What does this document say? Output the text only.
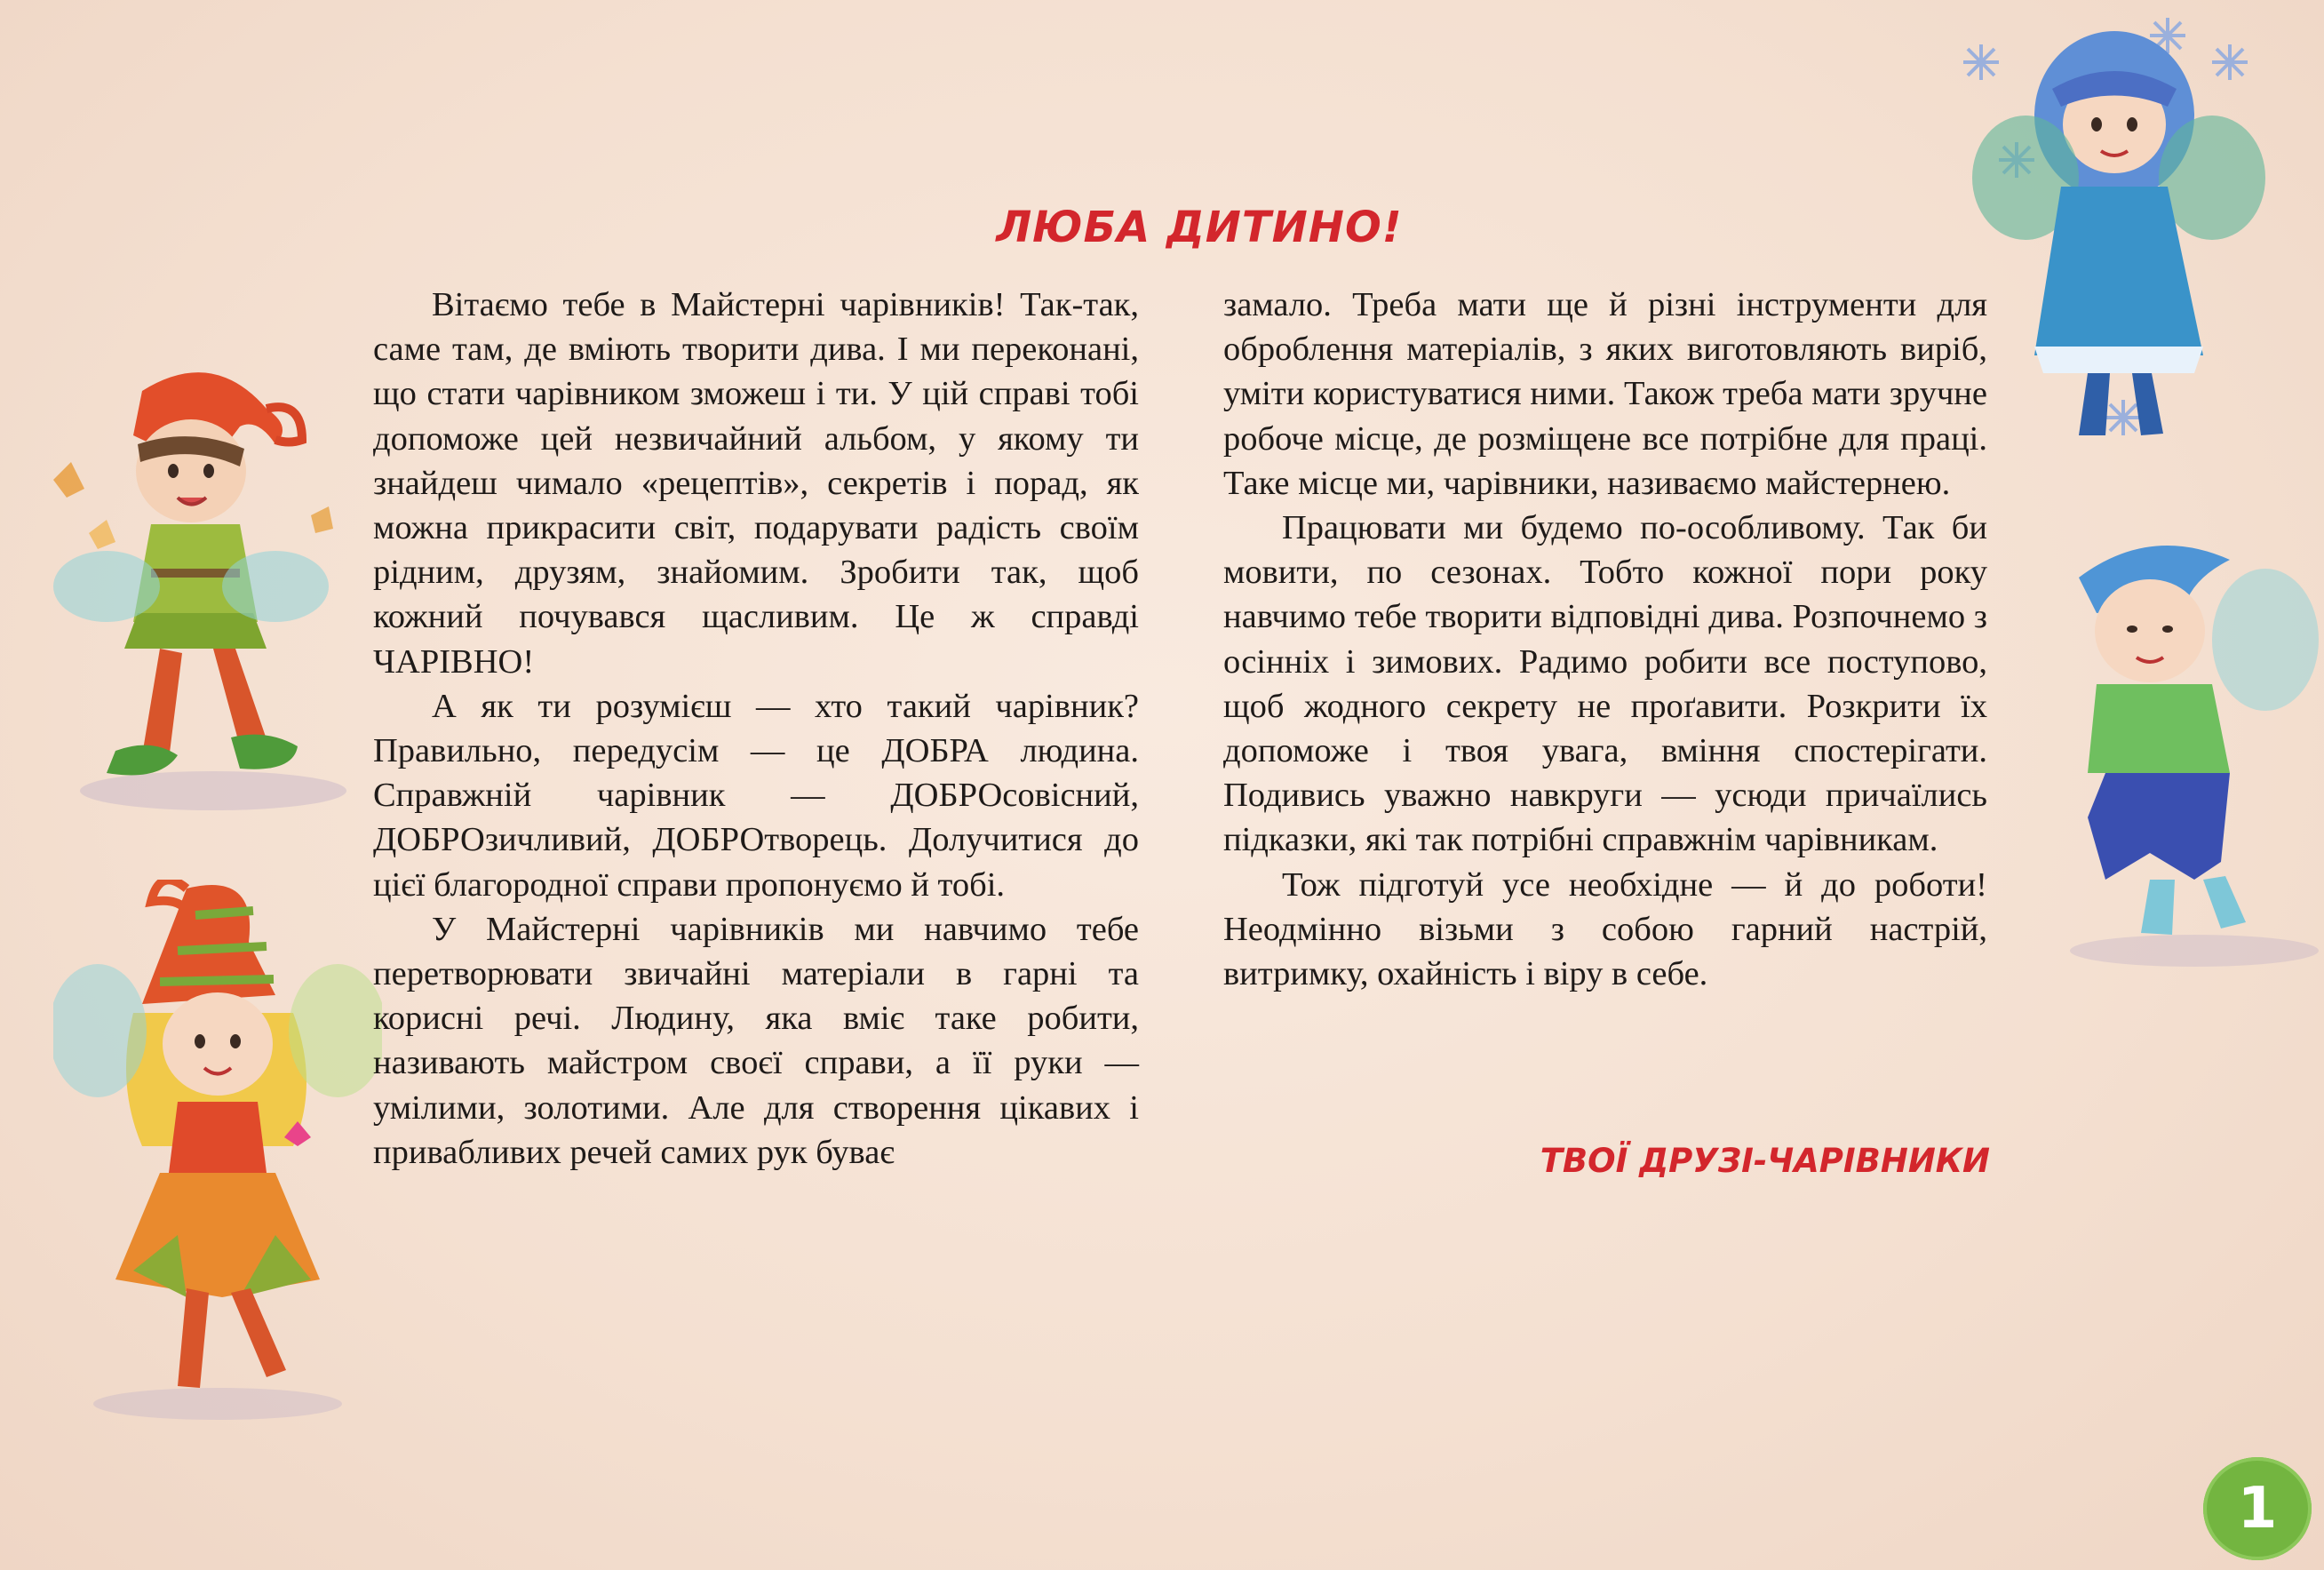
ЛЮБА ДИТИНО!

Вітаємо тебе в Майстерні чарівників! Так-так, саме там, де вміють творити дива. І ми переконані, що стати чарівником зможеш і ти. У цій справі тобі допоможе цей незвичайний альбом, у якому ти знайдеш чимало «рецептів», секретів і порад, як можна прикрасити світ, подарувати радість своїм рідним, друзям, знайомим. Зробити так, щоб кожний почувався щасливим. Це ж справді ЧАРІВНО!

А як ти розумієш — хто такий чарівник? Правильно, передусім — це ДОБРА людина. Справжній чарівник — ДОБРОсовісний, ДОБРОзичливий, ДОБРОтворець. Долучитися до цієї благородної справи пропонуємо й тобі.

У Майстерні чарівників ми навчимо тебе перетворювати звичайні матеріали в гарні та корисні речі. Людину, яка вміє таке робити, називають майстром своєї справи, а її руки — умілими, золотими. Але для створення цікавих і привабливих речей самих рук буває

замало. Треба мати ще й різні інструменти для оброблення матеріалів, з яких виготовляють виріб, уміти користуватися ними. Також треба мати зручне робоче місце, де розміщене все потрібне для праці. Таке місце ми, чарівники, називаємо майстернею.

Працювати ми будемо по-особливому. Так би мовити, по сезонах. Тобто кожної пори року навчимо тебе творити відповідні дива. Розпочнемо з осінніх і зимових. Радимо робити все поступово, щоб жодного секрету не проґавити. Розкрити їх допоможе і твоя увага, вміння спостерігати. Подивись уважно навкруги — усюди причаїлись підказки, які так потрібні справжнім чарівникам.

Тож підготуй усе необхідне — й до роботи! Неодмінно візьми з собою гарний настрій, витримку, охайність і віру в себе.

ТВОЇ ДРУЗІ-ЧАРІВНИКИ
1
